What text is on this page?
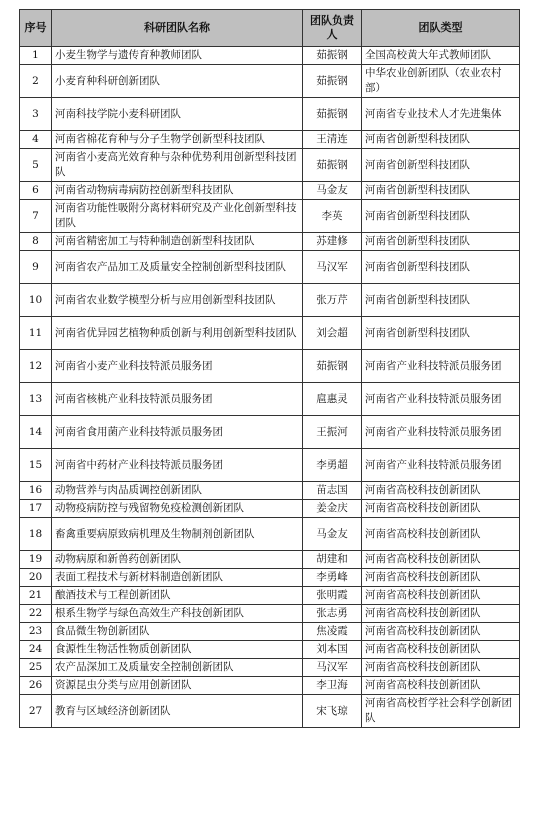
序号	科研团队名称	团队负责人	团队类型
1	小麦生物学与遗传育种教师团队	茹振钢	全国高校黄大年式教师团队
2	小麦育种科研创新团队	茹振钢	中华农业创新团队（农业农村部）
3	河南科技学院小麦科研团队	茹振钢	河南省专业技术人才先进集体
4	河南省棉花育种与分子生物学创新型科技团队	王清连	河南省创新型科技团队
5	河南省小麦高光效育种与杂种优势利用创新型科技团队	茹振钢	河南省创新型科技团队
6	河南省动物病毒病防控创新型科技团队	马金友	河南省创新型科技团队
7	河南省功能性吸附分离材料研究及产业化创新型科技团队	李英	河南省创新型科技团队
8	河南省精密加工与特种制造创新型科技团队	苏建修	河南省创新型科技团队
9	河南省农产品加工及质量安全控制创新型科技团队	马汉军	河南省创新型科技团队
10	河南省农业数学模型分析与应用创新型科技团队	张万芹	河南省创新型科技团队
11	河南省优异园艺植物种质创新与利用创新型科技团队	刘会超	河南省创新型科技团队
12	河南省小麦产业科技特派员服务团	茹振钢	河南省产业科技特派员服务团
13	河南省核桃产业科技特派员服务团	扈惠灵	河南省产业科技特派员服务团
14	河南省食用菌产业科技特派员服务团	王振河	河南省产业科技特派员服务团
15	河南省中药材产业科技特派员服务团	李勇超	河南省产业科技特派员服务团
16	动物营养与肉品质调控创新团队	苗志国	河南省高校科技创新团队
17	动物疫病防控与残留物免疫检测创新团队	姜金庆	河南省高校科技创新团队
18	畜禽重要病原致病机理及生物制剂创新团队	马金友	河南省高校科技创新团队
19	动物病原和新兽药创新团队	胡建和	河南省高校科技创新团队
20	表面工程技术与新材料制造创新团队	李勇峰	河南省高校科技创新团队
21	酿酒技术与工程创新团队	张明霞	河南省高校科技创新团队
22	根系生物学与绿色高效生产科技创新团队	张志勇	河南省高校科技创新团队
23	食品微生物创新团队	焦凌霞	河南省高校科技创新团队
24	食源性生物活性物质创新团队	刘本国	河南省高校科技创新团队
25	农产品深加工及质量安全控制创新团队	马汉军	河南省高校科技创新团队
26	资源昆虫分类与应用创新团队	李卫海	河南省高校科技创新团队
27	教育与区域经济创新团队	宋飞琼	河南省高校哲学社会科学创新团队
